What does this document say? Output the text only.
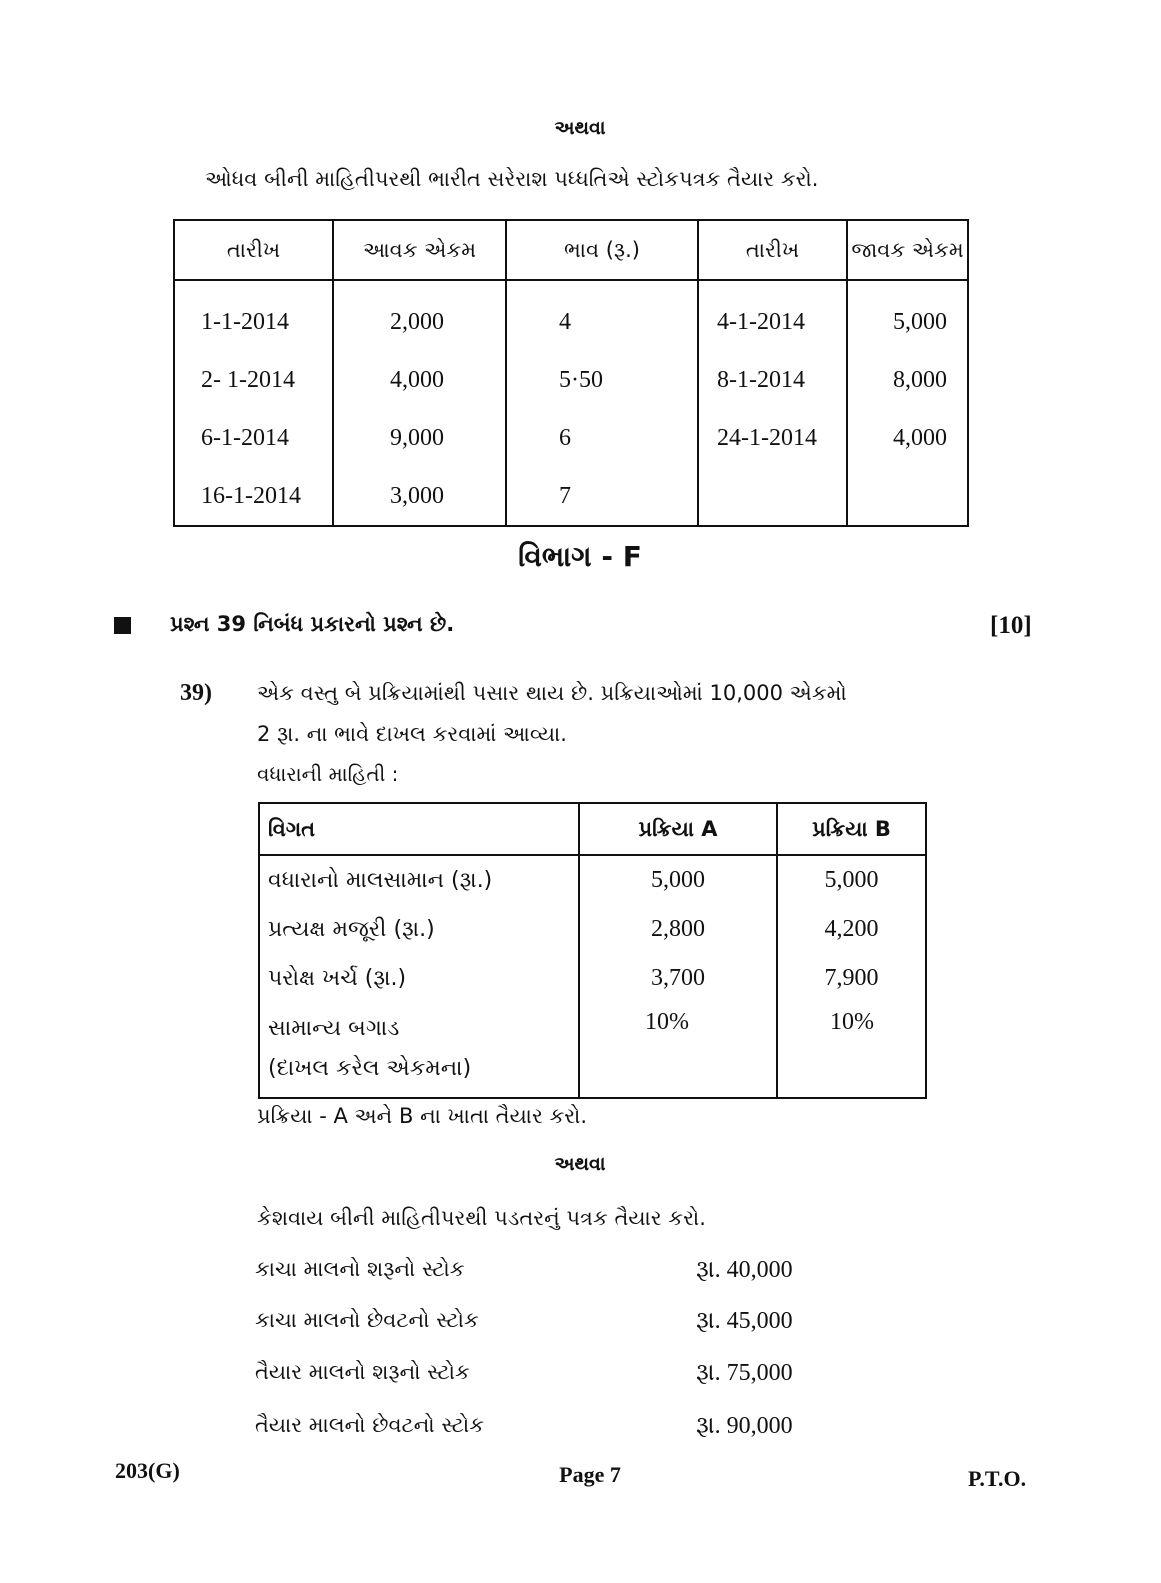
અથવા
ઓધવ બીની માહિતીપરથી ભારીત સરેરાશ પધ્ધતિએ સ્ટોકપત્રક તૈયાર કરો.
તારીખ	આવક એકમ	ભાવ (રૂ.)	તારીખ	જાવક એકમ
1-1-2014	2,000	4	4-1-2014	5,000
2- 1-2014	4,000	5·50	8-1-2014	8,000
6-1-2014	9,000	6	24-1-2014	4,000
16-1-2014	3,000	7		
વિભાગ - F
પ્રશ્ન 39 નિબંધ પ્રકારનો પ્રશ્ન છે.	[10]
39)	એક વસ્તુ બે પ્રક્રિયામાંથી પસાર થાય છે. પ્રક્રિયાઓમાં 10,000 એકમો
2 રૂા. ના ભાવે દાખલ કરવામાં આવ્યા.
વધારાની માહિતી :
વિગત	પ્રક્રિયા A	પ્રક્રિયા B
વધારાનો માલસામાન (રૂા.)	5,000	5,000
પ્રત્યક્ષ મજૂરી (રૂા.)	2,800	4,200
પરોક્ષ ખર્ચ (રૂા.)	3,700	7,900

સામાન્ય બગાડ
(દાખલ કરેલ એકમના)	10%	10%
પ્રક્રિયા - A અને B ના ખાતા તૈયાર કરો.
અથવા
કેશવાય બીની માહિતીપરથી પડતરનું પત્રક તૈયાર કરો.
કાચા માલનો શરૂનો સ્ટોક	રૂા. 40,000
કાચા માલનો છેવટનો સ્ટોક	રૂા. 45,000
તૈયાર માલનો શરૂનો સ્ટોક	રૂા. 75,000
તૈયાર માલનો છેવટનો સ્ટોક	રૂા. 90,000
203(G)	Page 7	P.T.O.
